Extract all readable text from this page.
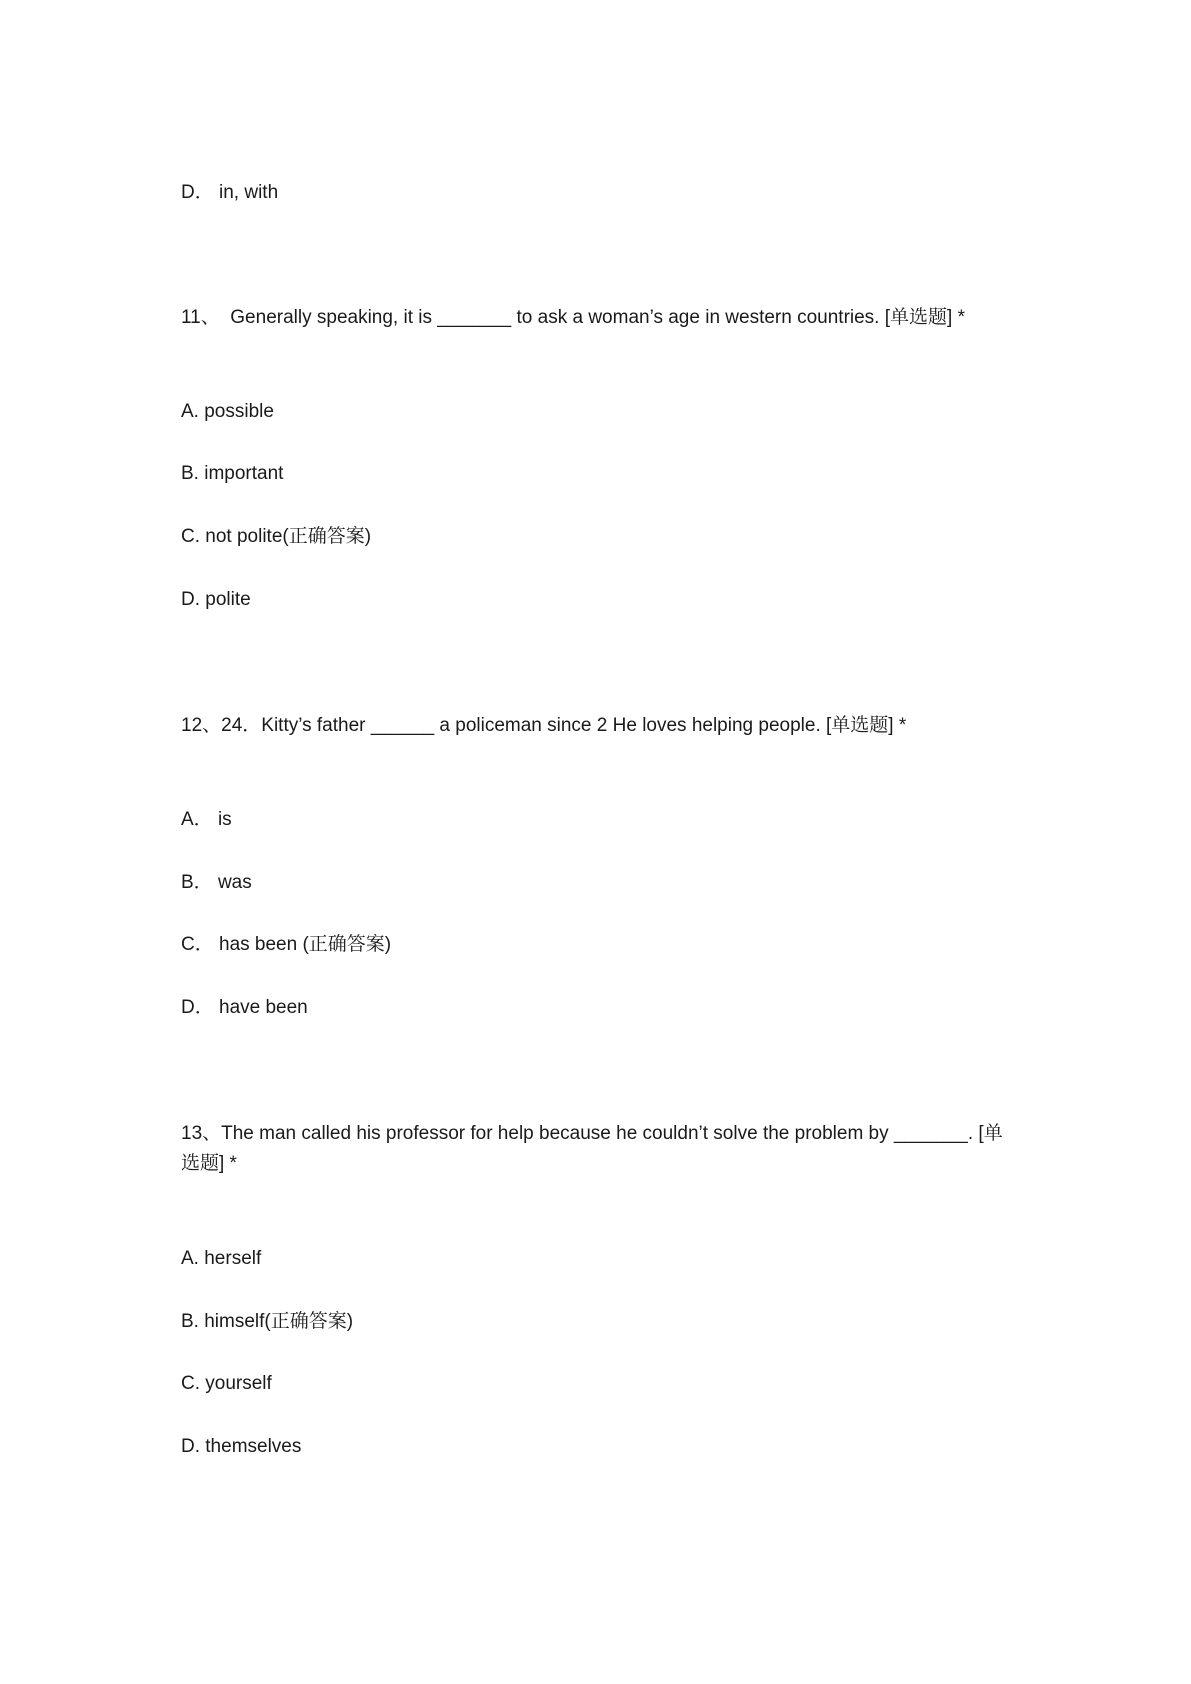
D． in, with
11、  Generally speaking, it is _______ to ask a woman’s age in western countries. [单选题] *
A. possible
B. important
C. not polite(正确答案)
D. polite
12、24．Kitty’s father ______ a policeman since 2 He loves helping people. [单选题] *
A． is
B． was
C． has been (正确答案)
D． have been
13、The man called his professor for help because he couldn’t solve the problem by _______. [单选题] *
A. herself
B. himself(正确答案)
C. yourself
D. themselves
